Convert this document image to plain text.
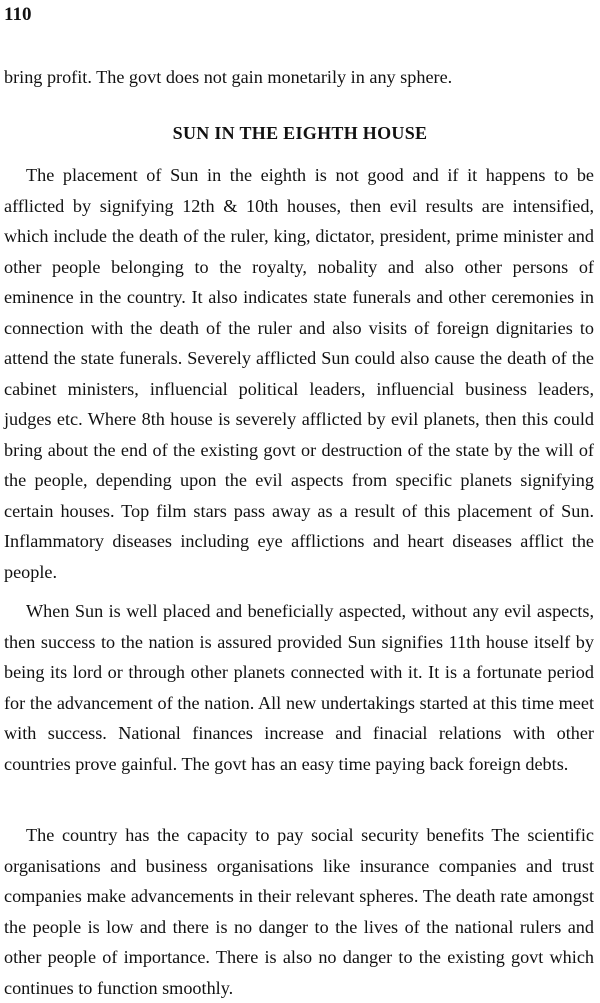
110

bring profit. The govt does not gain monetarily in any sphere.

SUN IN THE EIGHTH HOUSE

The placement of Sun in the eighth is not good and if it happens to be afflicted by signifying 12th & 10th houses, then evil results are intensified, which include the death of the ruler, king, dictator, president, prime minister and other people belonging to the royalty, nobality and also other persons of eminence in the country. It also indicates state funerals and other ceremonies in connection with the death of the ruler and also visits of foreign dignitaries to attend the state funerals. Severely afflicted Sun could also cause the death of the cabinet ministers, influencial political leaders, influencial business leaders, judges etc. Where 8th house is severely afflicted by evil planets, then this could bring about the end of the existing govt or destruction of the state by the will of the people, depending upon the evil aspects from specific planets signifying certain houses. Top film stars pass away as a result of this placement of Sun. Inflammatory diseases including eye afflictions and heart diseases afflict the people.

When Sun is well placed and beneficially aspected, without any evil aspects, then success to the nation is assured provided Sun signifies 11th house itself by being its lord or through other planets connected with it. It is a fortunate period for the advancement of the nation. All new undertakings started at this time meet with success. National finances increase and finacial relations with other countries prove gainful. The govt has an easy time paying back foreign debts.

The country has the capacity to pay social security benefits The scientific organisations and business organisations like insurance companies and trust companies make advancements in their relevant spheres. The death rate amongst the people is low and there is no danger to the lives of the national rulers and other people of importance. There is also no danger to the existing govt which continues to function smoothly.
